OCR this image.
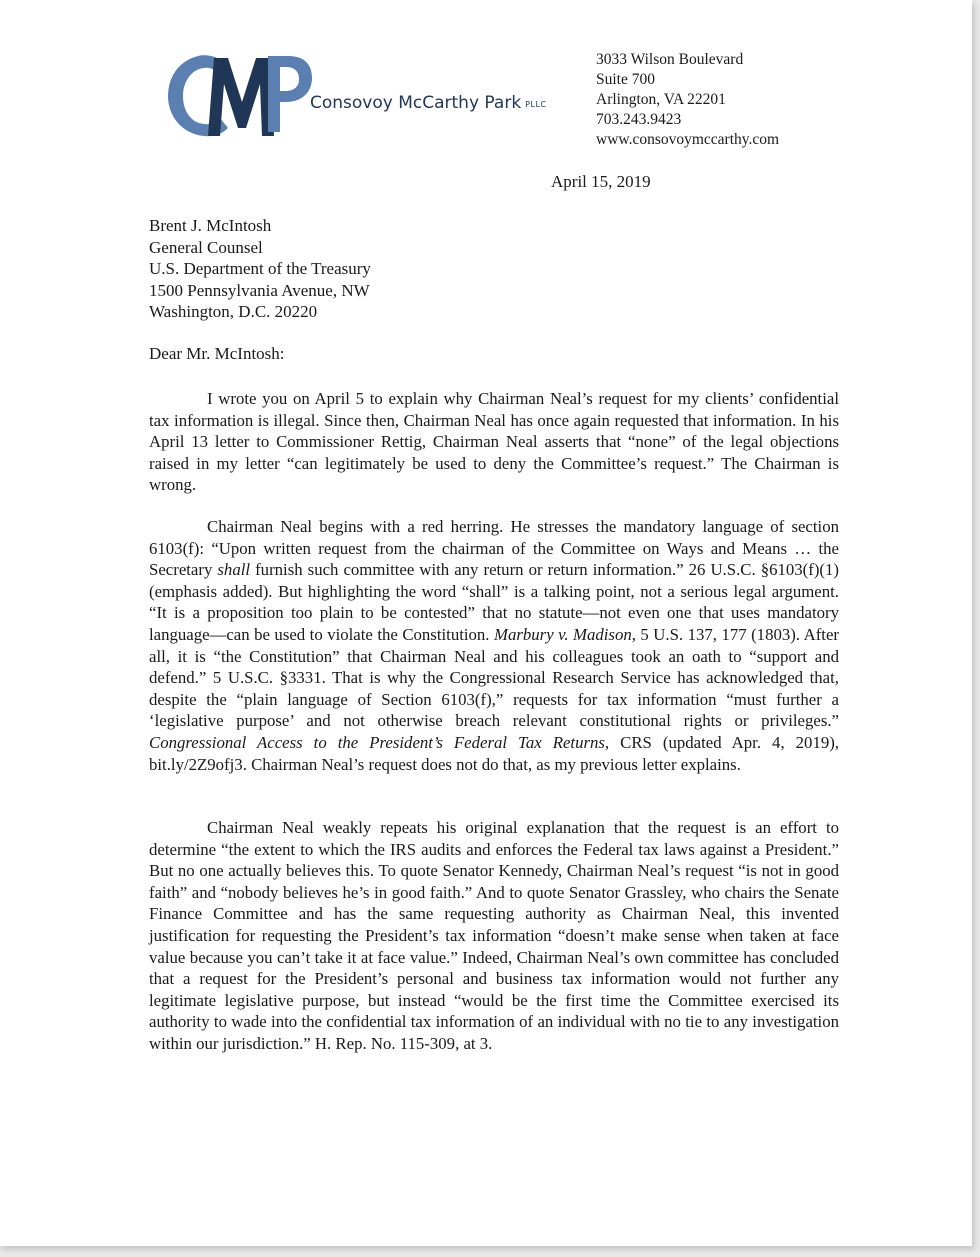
Consovoy McCarthy Park PLLC
3033 Wilson Boulevard
Suite 700
Arlington, VA 22201
703.243.9423
www.consovoymccarthy.com
April 15, 2019
Brent J. McIntosh
General Counsel
U.S. Department of the Treasury
1500 Pennsylvania Avenue, NW
Washington, D.C. 20220
Dear Mr. McIntosh:

I wrote you on April 5 to explain why Chairman Neal’s request for my clients’ confidential tax information is illegal. Since then, Chairman Neal has once again requested that information. In his April 13 letter to Commissioner Rettig, Chairman Neal asserts that “none” of the legal objections raised in my letter “can legitimately be used to deny the Committee’s request.” The Chairman is wrong.

Chairman Neal begins with a red herring. He stresses the mandatory language of section 6103(f): “Upon written request from the chairman of the Committee on Ways and Means … the Secretary shall furnish such committee with any return or return information.” 26 U.S.C. §6103(f)(1) (emphasis added). But highlighting the word “shall” is a talking point, not a serious legal argument. “It is a proposition too plain to be contested” that no statute—not even one that uses mandatory language—can be used to violate the Constitution. Marbury v. Madison, 5 U.S. 137, 177 (1803). After all, it is “the Constitution” that Chairman Neal and his colleagues took an oath to “support and defend.” 5 U.S.C. §3331. That is why the Congressional Research Service has acknowledged that, despite the “plain language of Section 6103(f),” requests for tax information “must further a ‘legislative purpose’ and not otherwise breach relevant constitutional rights or privileges.” Congressional Access to the President’s Federal Tax Returns, CRS (updated Apr. 4, 2019), bit.ly/2Z9ofj3. Chairman Neal’s request does not do that, as my previous letter explains.

Chairman Neal weakly repeats his original explanation that the request is an effort to determine “the extent to which the IRS audits and enforces the Federal tax laws against a President.” But no one actually believes this. To quote Senator Kennedy, Chairman Neal’s request “is not in good faith” and “nobody believes he’s in good faith.” And to quote Senator Grassley, who chairs the Senate Finance Committee and has the same requesting authority as Chairman Neal, this invented justification for requesting the President’s tax information “doesn’t make sense when taken at face value because you can’t take it at face value.” Indeed, Chairman Neal’s own committee has concluded that a request for the President’s personal and business tax information would not further any legitimate legislative purpose, but instead “would be the first time the Committee exercised its authority to wade into the confidential tax information of an individual with no tie to any investigation within our jurisdiction.” H. Rep. No. 115-309, at 3.
